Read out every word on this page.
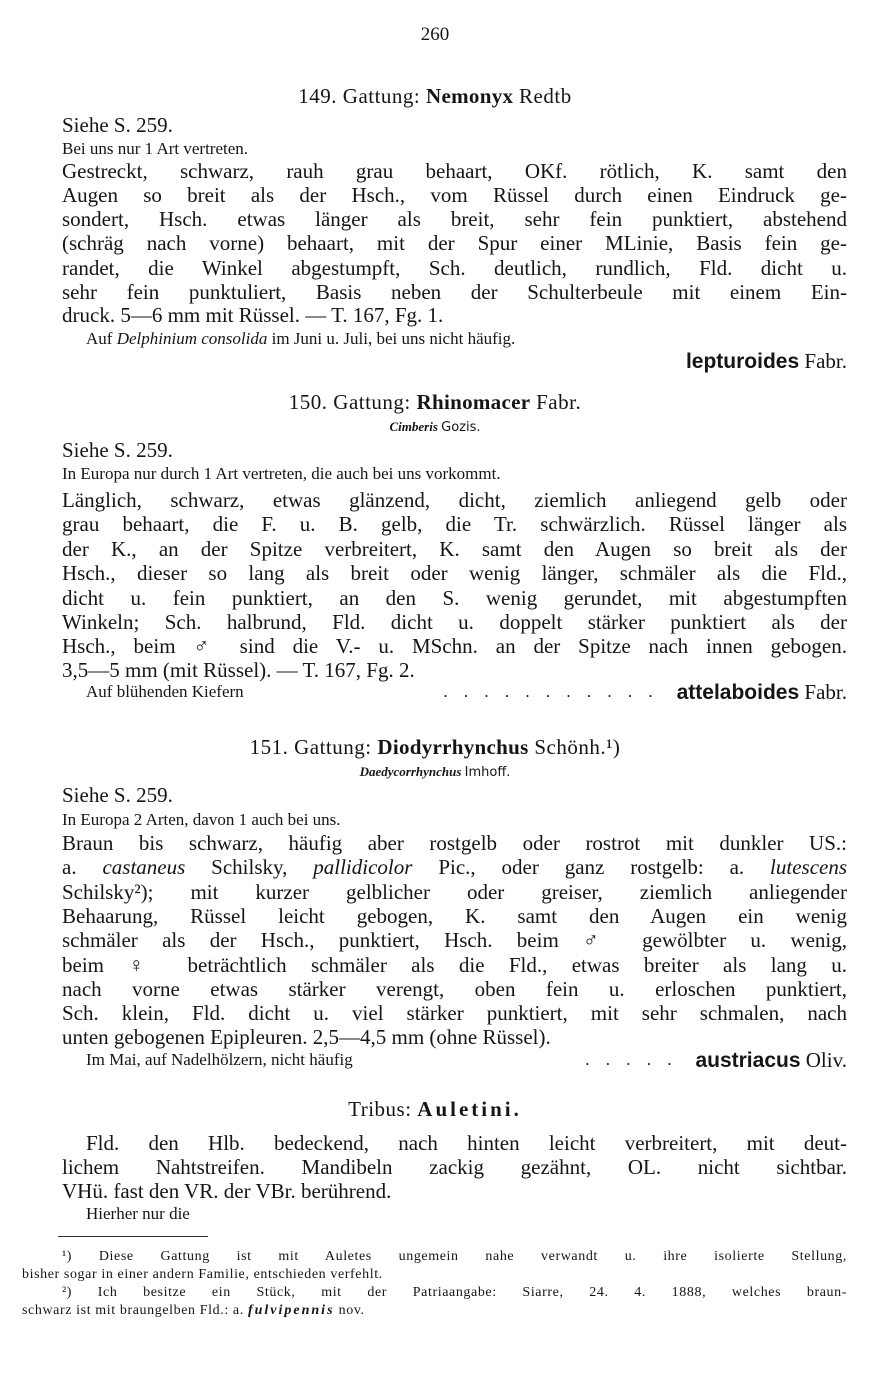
260
149. Gattung: Nemonyx Redtb
Siehe S. 259.
Bei uns nur 1 Art vertreten.
Gestreckt, schwarz, rauh grau behaart, OKf. rötlich, K. samt den
Augen so breit als der Hsch., vom Rüssel durch einen Eindruck ge-
sondert, Hsch. etwas länger als breit, sehr fein punktiert, abstehend
(schräg nach vorne) behaart, mit der Spur einer MLinie, Basis fein ge-
randet, die Winkel abgestumpft, Sch. deutlich, rundlich, Fld. dicht u.
sehr fein punktuliert, Basis neben der Schulterbeule mit einem Ein-
druck. 5—6 mm mit Rüssel. — T. 167, Fg. 1.
Auf Delphinium consolida im Juni u. Juli, bei uns nicht häufig.
lepturoides Fabr.
150. Gattung: Rhinomacer Fabr.
Cimberis Gozis.
Siehe S. 259.
In Europa nur durch 1 Art vertreten, die auch bei uns vorkommt.
Länglich, schwarz, etwas glänzend, dicht, ziemlich anliegend gelb oder
grau behaart, die F. u. B. gelb, die Tr. schwärzlich. Rüssel länger als
der K., an der Spitze verbreitert, K. samt den Augen so breit als der
Hsch., dieser so lang als breit oder wenig länger, schmäler als die Fld.,
dicht u. fein punktiert, an den S. wenig gerundet, mit abgestumpften
Winkeln; Sch. halbrund, Fld. dicht u. doppelt stärker punktiert als der
Hsch., beim ♂ sind die V.- u. MSchn. an der Spitze nach innen gebogen.
3,5—5 mm (mit Rüssel). — T. 167, Fg. 2.
Auf blühenden Kiefern	. . . . . . . . . . . attelaboides Fabr.
151. Gattung: Diodyrrhynchus Schönh.¹)
Daedycorrhynchus Imhoff.
Siehe S. 259.
In Europa 2 Arten, davon 1 auch bei uns.
Braun bis schwarz, häufig aber rostgelb oder rostrot mit dunkler US.:
a. castaneus Schilsky, pallidicolor Pic., oder ganz rostgelb: a. lutescens
Schilsky²); mit kurzer gelblicher oder greiser, ziemlich anliegender
Behaarung, Rüssel leicht gebogen, K. samt den Augen ein wenig
schmäler als der Hsch., punktiert, Hsch. beim ♂ gewölbter u. wenig,
beim ♀ beträchtlich schmäler als die Fld., etwas breiter als lang u.
nach vorne etwas stärker verengt, oben fein u. erloschen punktiert,
Sch. klein, Fld. dicht u. viel stärker punktiert, mit sehr schmalen, nach
unten gebogenen Epipleuren. 2,5—4,5 mm (ohne Rüssel).
Im Mai, auf Nadelhölzern, nicht häufig	. . . . . austriacus Oliv.
Tribus: Auletini.
Fld. den Hlb. bedeckend, nach hinten leicht verbreitert, mit deut-
lichem Nahtstreifen. Mandibeln zackig gezähnt, OL. nicht sichtbar.
VHü. fast den VR. der VBr. berührend.
Hierher nur die
¹) Diese Gattung ist mit Auletes ungemein nahe verwandt u. ihre isolierte Stellung,
bisher sogar in einer andern Familie, entschieden verfehlt.
²) Ich besitze ein Stück, mit der Patriaangabe: Siarre, 24. 4. 1888, welches braun-
schwarz ist mit braungelben Fld.: a. fulvipennis nov.
